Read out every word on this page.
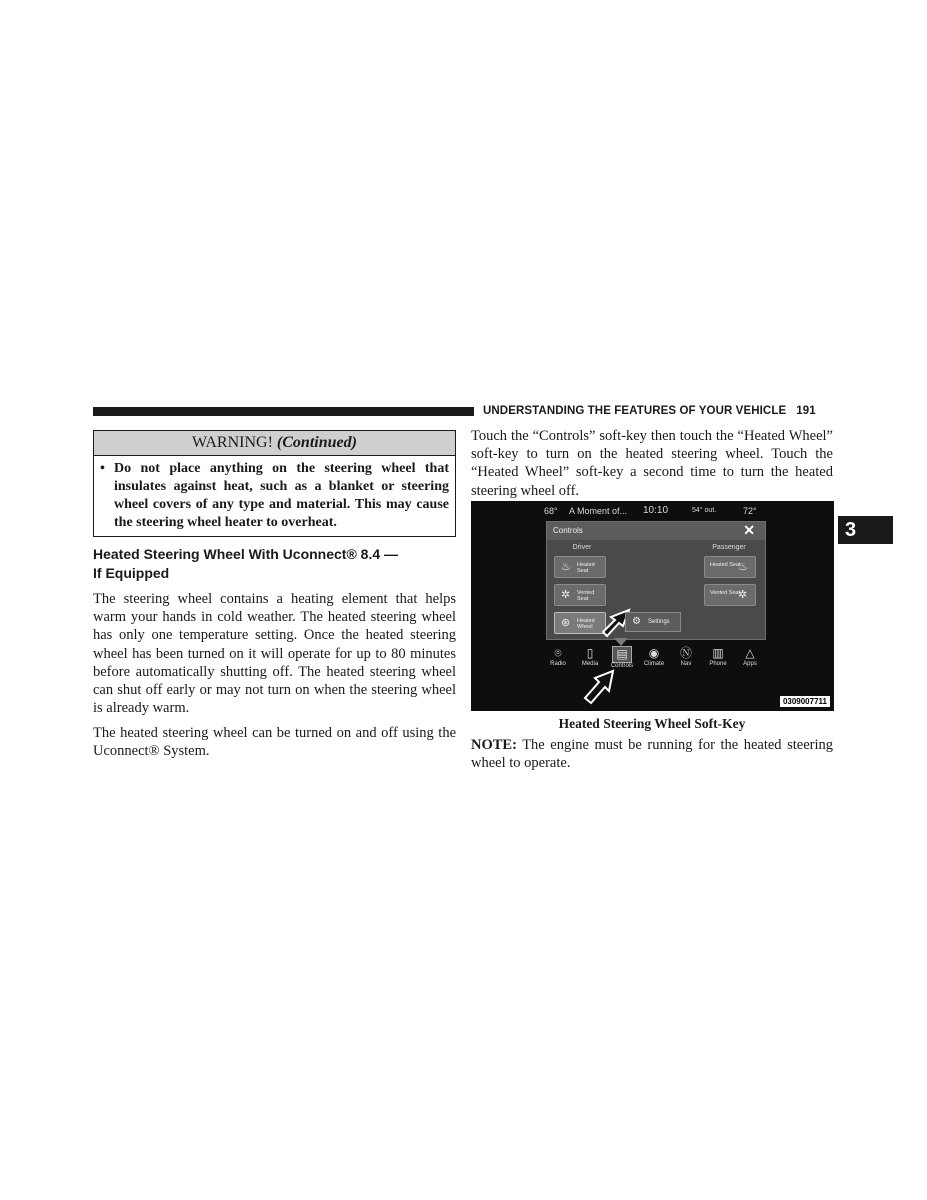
UNDERSTANDING THE FEATURES OF YOUR VEHICLE 191
3
WARNING! (Continued)
• Do not place anything on the steering wheel that insulates against heat, such as a blanket or steering wheel covers of any type and material. This may cause the steering wheel heater to overheat.
Heated Steering Wheel With Uconnect® 8.4 —
If Equipped
The steering wheel contains a heating element that helps warm your hands in cold weather. The heated steering wheel has only one temperature setting. Once the heated steering wheel has been turned on it will operate for up to 80 minutes before automatically shutting off. The heated steering wheel can shut off early or may not turn on when the steering wheel is already warm.
The heated steering wheel can be turned on and off using the Uconnect® System.
Touch the “Controls” soft-key then touch the “Heated Wheel” soft-key to turn on the heated steering wheel. Touch the “Heated Wheel” soft-key a second time to turn the heated steering wheel off.
68° A Moment of... 10:10	54° out.	72°
Controls	✕
Driver	Passenger
♨ Heated Seat
✲ Vented Seat
⊛ Heated Wheel
Heated Seat
♨
Vented Seat
✲
⚙ Settings
⌾
Radio
▯
Media
▤
Controls
◉
Climate
Ⓝ
Nav
▥
Phone
△
Apps
0309007711
Heated Steering Wheel Soft-Key
NOTE: The engine must be running for the heated steering wheel to operate.
